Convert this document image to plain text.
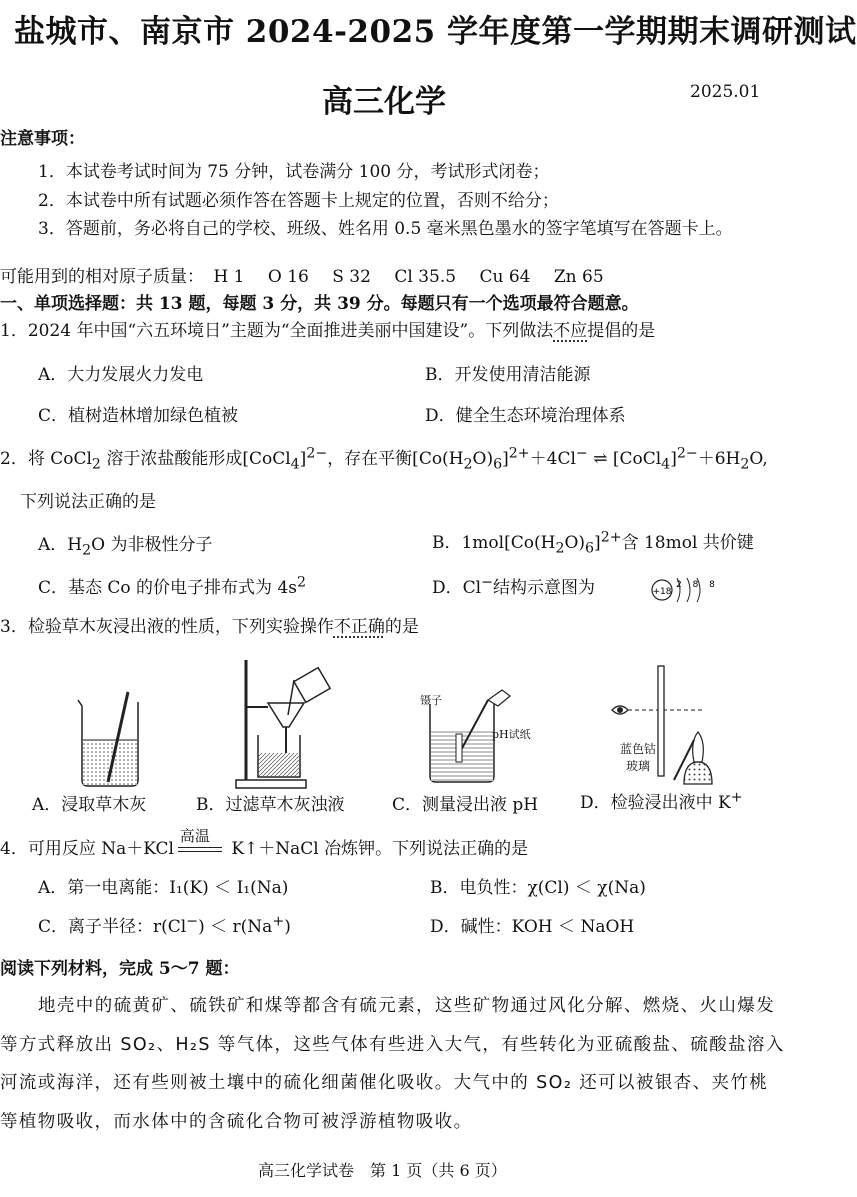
盐城市、南京市 2024-2025 学年度第一学期期末调研测试
高三化学	2025.01
注意事项：
1．本试卷考试时间为 75 分钟，试卷满分 100 分，考试形式闭卷；
2．本试卷中所有试题必须作答在答题卡上规定的位置，否则不给分；
3．答题前，务必将自己的学校、班级、姓名用 0.5 毫米黑色墨水的签字笔填写在答题卡上。
可能用到的相对原子质量： H 1 O 16 S 32 Cl 35.5 Cu 64 Zn 65
一、单项选择题：共 13 题，每题 3 分，共 39 分。每题只有一个选项最符合题意。
1．2024 年中国“六五环境日”主题为“全面推进美丽中国建设”。下列做法不应提倡的是
A．大力发展火力发电	B．开发使用清洁能源
C．植树造林增加绿色植被	D．健全生态环境治理体系
2．将 CoCl$_2$ 溶于浓盐酸能形成[CoCl$_4$]$^{2-}$，存在平衡$[Co(H_2O)_6]^{2+}+4Cl^-$ ⇌ $[CoCl_4]^{2-}+6H_2O$,
下列说法正确的是
A．$H_2O$ 为非极性分子	B．$1mol[Co(H_2O)_6]^{2+}$含 18mol 共价键
C．基态 Co 的价电子排布式为 $4s^2$	D．Cl−结构示意图为	+18
2 8 8
3．检验草木灰浸出液的性质，下列实验操作不正确的是
镊子
pH试纸
蓝色钴
玻璃
A．浸取草木灰	B．过滤草木灰浊液	C．测量浸出液 pH D．检验浸出液中 K+
4．可用反应 Na＋KCl
高温
K↑＋NaCl 冶炼钾。下列说法正确的是
A．第一电离能：I₁(K) ＜ I₁(Na)	B．电负性：χ(Cl) ＜ χ(Na)
C．离子半径：r(Cl−) ＜ r(Na+)	D．碱性：KOH ＜ NaOH
阅读下列材料，完成 5～7 题：
地壳中的硫黄矿、硫铁矿和煤等都含有硫元素，这些矿物通过风化分解、燃烧、火山爆发
等方式释放出 SO₂、H₂S 等气体，这些气体有些进入大气，有些转化为亚硫酸盐、硫酸盐溶入
河流或海洋，还有些则被土壤中的硫化细菌催化吸收。大气中的 SO₂ 还可以被银杏、夹竹桃
等植物吸收，而水体中的含硫化合物可被浮游植物吸收。
高三化学试卷　第 1 页（共 6 页）
